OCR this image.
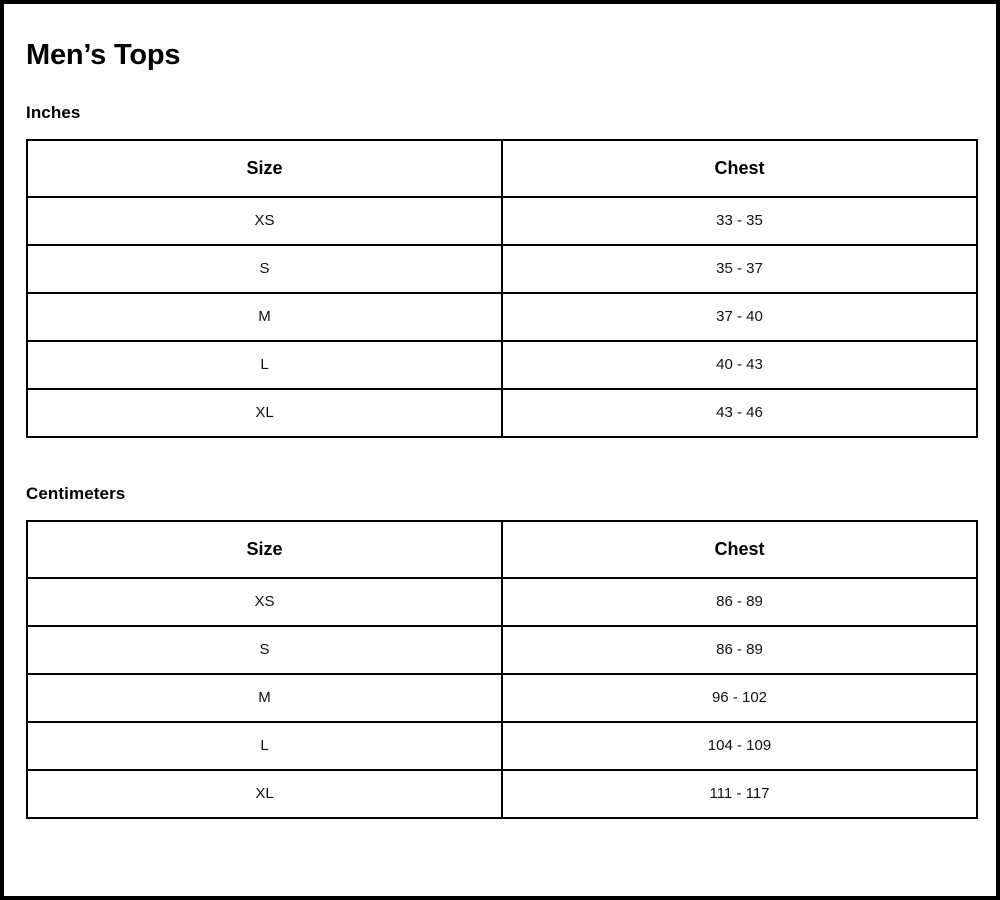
Men’s Tops
Inches
Size	Chest
XS	33 - 35
S	35 - 37
M	37 - 40
L	40 - 43
XL	43 - 46
Centimeters
Size	Chest
XS	86 - 89
S	86 - 89
M	96 - 102
L	104 - 109
XL	111 - 117
